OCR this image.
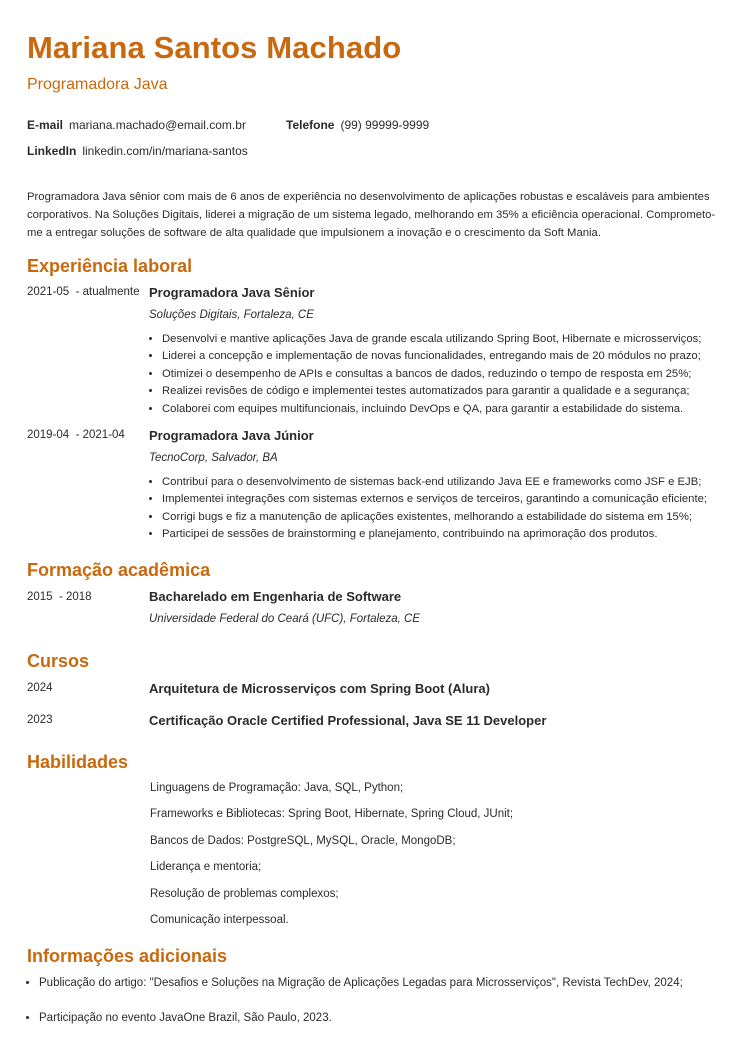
Mariana Santos Machado
Programadora Java
E-mail mariana.machado@email.com.br	Telefone (99) 99999-9999
LinkedIn linkedin.com/in/mariana-santos
Programadora Java sênior com mais de 6 anos de experiência no desenvolvimento de aplicações robustas e escaláveis para ambientes corporativos. Na Soluções Digitais, liderei a migração de um sistema legado, melhorando em 35% a eficiência operacional. Comprometo-me a entregar soluções de software de alta qualidade que impulsionem a inovação e o crescimento da Soft Mania.
Experiência laboral
2021-05  - atualmente Programadora Java Sênior
Soluções Digitais, Fortaleza, CE
• Desenvolvi e mantive aplicações Java de grande escala utilizando Spring Boot, Hibernate e microsserviços;
• Liderei a concepção e implementação de novas funcionalidades, entregando mais de 20 módulos no prazo;
• Otimizei o desempenho de APIs e consultas a bancos de dados, reduzindo o tempo de resposta em 25%;
• Realizei revisões de código e implementei testes automatizados para garantir a qualidade e a segurança;
• Colaborei com equipes multifuncionais, incluindo DevOps e QA, para garantir a estabilidade do sistema.
2019-04  - 2021-04 Programadora Java Júnior
TecnoCorp, Salvador, BA
• Contribuí para o desenvolvimento de sistemas back-end utilizando Java EE e frameworks como JSF e EJB;
• Implementei integrações com sistemas externos e serviços de terceiros, garantindo a comunicação eficiente;
• Corrigi bugs e fiz a manutenção de aplicações existentes, melhorando a estabilidade do sistema em 15%;
• Participei de sessões de brainstorming e planejamento, contribuindo na aprimoração dos produtos.
Formação acadêmica
2015  - 2018	Bacharelado em Engenharia de Software
Universidade Federal do Ceará (UFC), Fortaleza, CE
Cursos
2024	Arquitetura de Microsserviços com Spring Boot (Alura)
2023	Certificação Oracle Certified Professional, Java SE 11 Developer
Habilidades
Linguagens de Programação: Java, SQL, Python;
Frameworks e Bibliotecas: Spring Boot, Hibernate, Spring Cloud, JUnit;
Bancos de Dados: PostgreSQL, MySQL, Oracle, MongoDB;
Liderança e mentoria;
Resolução de problemas complexos;
Comunicação interpessoal.
Informações adicionais
• Publicação do artigo: "Desafios e Soluções na Migração de Aplicações Legadas para Microsserviços", Revista TechDev, 2024;
• Participação no evento JavaOne Brazil, São Paulo, 2023.
